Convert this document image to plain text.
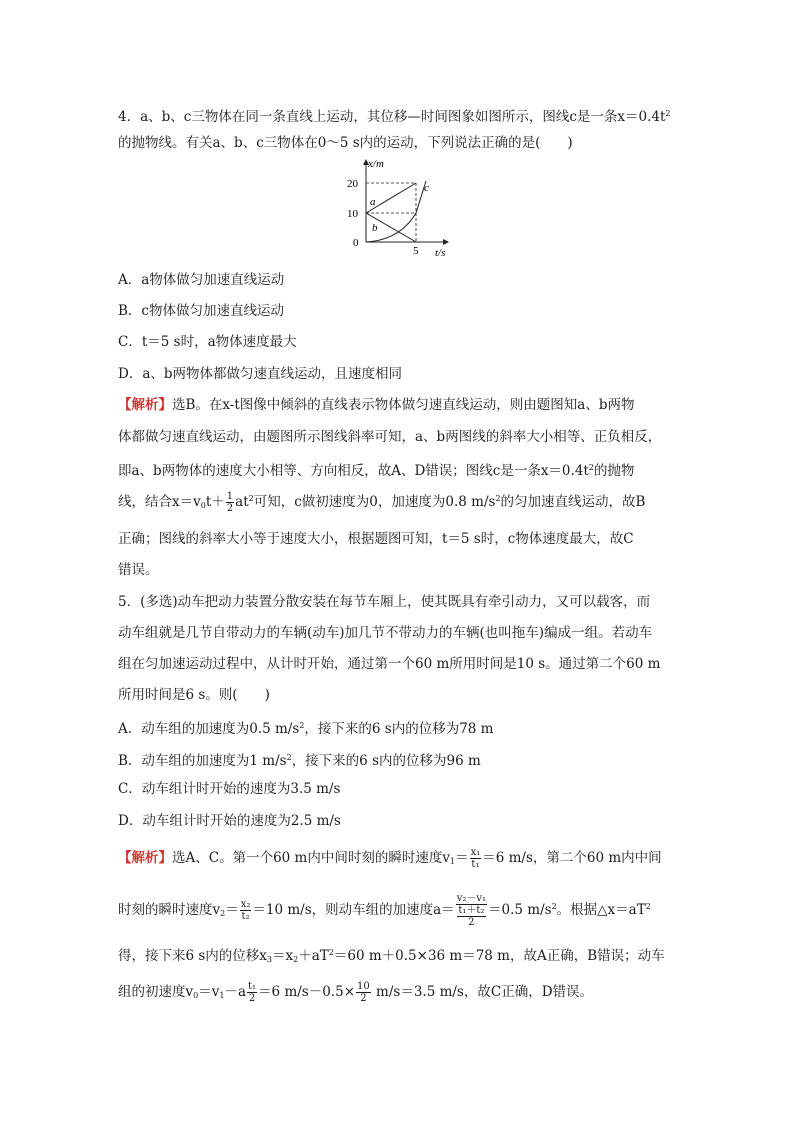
4．a、b、c三物体在同一条直线上运动，其位移—时间图象如图所示，图线c是一条$x=0.4t^2$
的抛物线。有关a、b、c三物体在0～5 s内的运动，下列说法正确的是(　　)
x/m
t/s
20
10
0
5
a
b
c
A．a物体做匀加速直线运动
B．c物体做匀加速直线运动
C．t＝5 s时，a物体速度最大
D．a、b两物体都做匀速直线运动，且速度相同
【解析】选B。在x-t图像中倾斜的直线表示物体做匀速直线运动，则由题图知a、b两物
体都做匀速直线运动，由题图所示图线斜率可知，a、b两图线的斜率大小相等、正负相反，
即a、b两物体的速度大小相等、方向相反，故A、D错误；图线c是一条$x=0.4t^2$的抛物
线，结合$x=v_0t+ \frac{1}{2} at^2$可知，c做初速度为0，加速度为0.8 $m/s^2$的匀加速直线运动，故B
正确；图线的斜率大小等于速度大小，根据题图可知，t＝5 s时，c物体速度最大，故C
错误。
5．(多选)动车把动力装置分散安装在每节车厢上，使其既具有牵引动力，又可以载客，而
动车组就是几节自带动力的车辆(动车)加几节不带动力的车辆(也叫拖车)编成一组。若动车
组在匀加速运动过程中，从计时开始，通过第一个60 m所用时间是10 s。通过第二个60 m
所用时间是6 s。则(　　)
A．动车组的加速度为0.5 $m/s^2$，接下来的6 s内的位移为78 m
B．动车组的加速度为1 $m/s^2$，接下来的6 s内的位移为96 m
C．动车组计时开始的速度为3.5 m/s
D．动车组计时开始的速度为2.5 m/s
【解析】选A、C。第一个60 m内中间时刻的瞬时速度$v_1= \frac{\text{x₁}}{\text{t₁}} =6$ m/s，第二个60 m内中间
时刻的瞬时速度$v_2= \frac{\text{x₂}}{\text{t₂}} =10$ m/s，则动车组的加速度a＝ v₂－v₁
t₁＋t₂
2 ＝0.5 $m/s^2$。根据$\triangle x=aT^2$
得，接下来6 s内的位移$x_3=x_2+aT^2=60$ m＋0.5×36 m＝78 m，故A正确，B错误；动车
组的初速度$v_0=v_1-a \frac{\text{t₁}}{2} =6$ $m/s-0.5\times \frac{10}{2} m/s=3.5$ m/s，故C正确，D错误。
